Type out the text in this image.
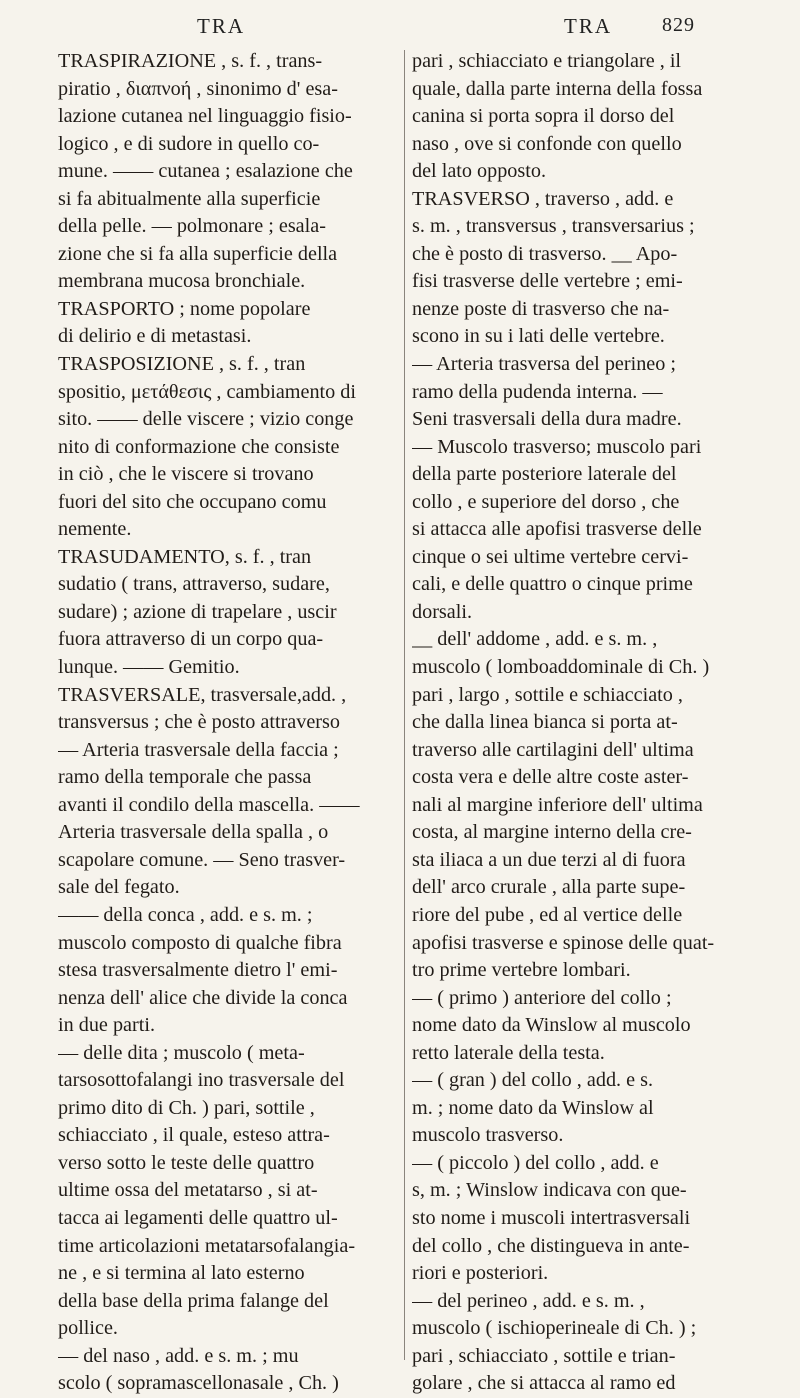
TRA	TRA	829
TRASPIRAZIONE , s. f. , trans-
piratio , διαπνοή , sinonimo d' esa-
lazione cutanea nel linguaggio fisio-
logico , e di sudore in quello co-
mune. —— cutanea ; esalazione che
si fa abitualmente alla superficie
della pelle. — polmonare ; esala-
zione che si fa alla superficie della
membrana mucosa bronchiale.
TRASPORTO ; nome popolare
di delirio e di metastasi.
TRASPOSIZIONE , s. f. , tran
spositio, μετάθεσις , cambiamento di
sito. —— delle viscere ; vizio conge
nito di conformazione che consiste
in ciò , che le viscere si trovano
fuori del sito che occupano comu
nemente.
TRASUDAMENTO, s. f. , tran
sudatio ( trans, attraverso, sudare,
sudare) ; azione di trapelare , uscir
fuora attraverso di un corpo qua-
lunque. —— Gemitio.
TRASVERSALE, trasversale,add. ,
transversus ; che è posto attraverso
— Arteria trasversale della faccia ;
ramo della temporale che passa
avanti il condilo della mascella. ——
Arteria trasversale della spalla , o
scapolare comune. — Seno trasver-
sale del fegato.
—— della conca , add. e s. m. ;
muscolo composto di qualche fibra
stesa trasversalmente dietro l' emi-
nenza dell' alice che divide la conca
in due parti.
— delle dita ; muscolo ( meta-
tarsosottofalangi ino trasversale del
primo dito di Ch. ) pari, sottile ,
schiacciato , il quale, esteso attra-
verso sotto le teste delle quattro
ultime ossa del metatarso , si at-
tacca ai legamenti delle quattro ul-
time articolazioni metatarsofalangia-
ne , e si termina al lato esterno
della base della prima falange del
pollice.
— del naso , add. e s. m. ; mu
scolo ( sopramascellonasale , Ch. )
pari , schiacciato e triangolare , il
quale, dalla parte interna della fossa
canina si porta sopra il dorso del
naso , ove si confonde con quello
del lato opposto.
TRASVERSO , traverso , add. e
s. m. , transversus , transversarius ;
che è posto di trasverso. __ Apo-
fisi trasverse delle vertebre ; emi-
nenze poste di trasverso che na-
scono in su i lati delle vertebre.
— Arteria trasversa del perineo ;
ramo della pudenda interna. —
Seni trasversali della dura madre.
— Muscolo trasverso; muscolo pari
della parte posteriore laterale del
collo , e superiore del dorso , che
si attacca alle apofisi trasverse delle
cinque o sei ultime vertebre cervi-
cali, e delle quattro o cinque prime
dorsali.
__ dell' addome , add. e s. m. ,
muscolo ( lomboaddominale di Ch. )
pari , largo , sottile e schiacciato ,
che dalla linea bianca si porta at-
traverso alle cartilagini dell' ultima
costa vera e delle altre coste aster-
nali al margine inferiore dell' ultima
costa, al margine interno della cre-
sta iliaca a un due terzi al di fuora
dell' arco crurale , alla parte supe-
riore del pube , ed al vertice delle
apofisi trasverse e spinose delle quat-
tro prime vertebre lombari.
— ( primo ) anteriore del collo ;
nome dato da Winslow al muscolo
retto laterale della testa.
— ( gran ) del collo , add. e s.
m. ; nome dato da Winslow al
muscolo trasverso.
— ( piccolo ) del collo , add. e
s, m. ; Winslow indicava con que-
sto nome i muscoli intertrasversali
del collo , che distingueva in ante-
riori e posteriori.
— del perineo , add. e s. m. ,
muscolo ( ischioperineale di Ch. ) ;
pari , schiacciato , sottile e trian-
golare , che si attacca al ramo ed
